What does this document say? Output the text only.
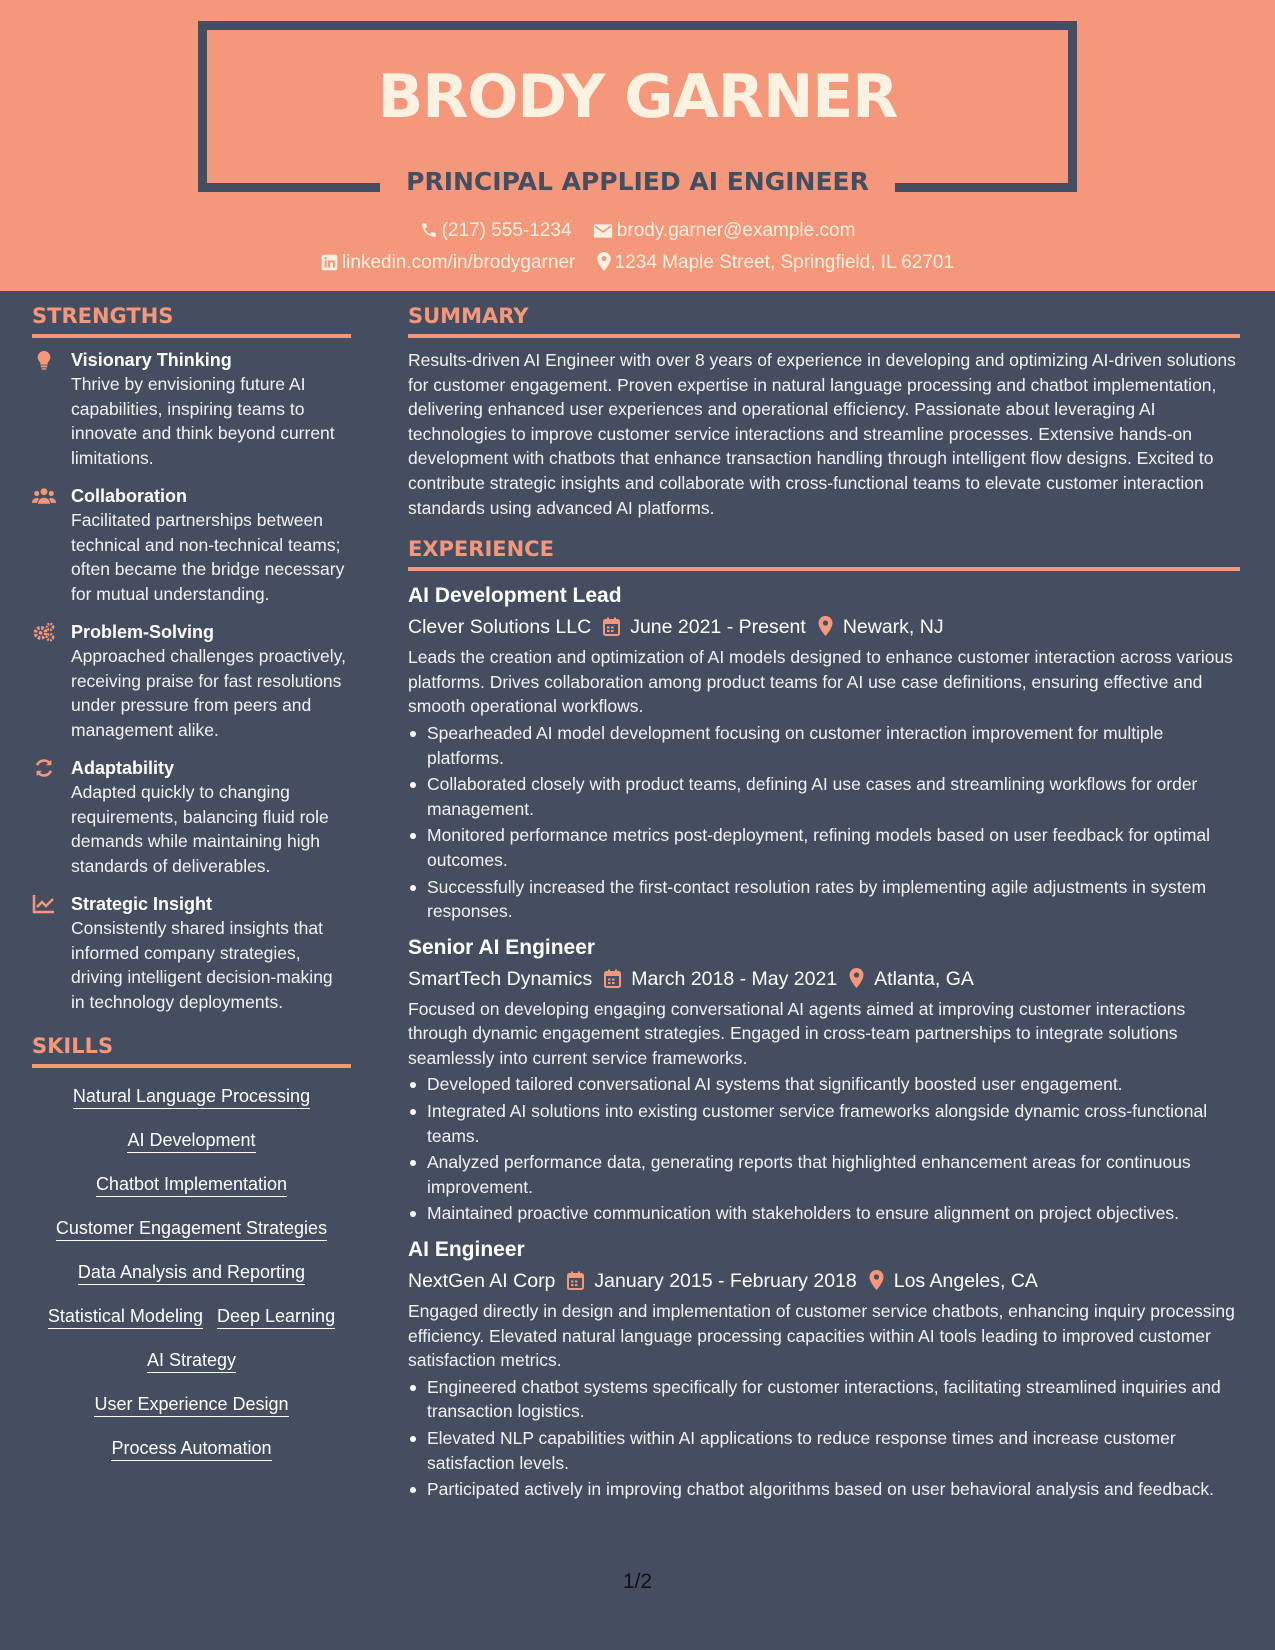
BRODY GARNER
PRINCIPAL APPLIED AI ENGINEER
(217) 555-1234 brody.garner@example.com
linkedin.com/in/brodygarner 1234 Maple Street, Springfield, IL 62701
STRENGTHS
Visionary Thinking
Thrive by envisioning future AI capabilities, inspiring teams to innovate and think beyond current limitations.
Collaboration
Facilitated partnerships between technical and non-technical teams; often became the bridge necessary for mutual understanding.
Problem-Solving
Approached challenges proactively, receiving praise for fast resolutions under pressure from peers and management alike.
Adaptability
Adapted quickly to changing requirements, balancing fluid role demands while maintaining high standards of deliverables.
Strategic Insight
Consistently shared insights that informed company strategies, driving intelligent decision-making in technology deployments.
SKILLS
Natural Language Processing
AI Development
Chatbot Implementation
Customer Engagement Strategies
Data Analysis and Reporting
Statistical Modeling Deep Learning
AI Strategy
User Experience Design
Process Automation
SUMMARY
Results-driven AI Engineer with over 8 years of experience in developing and optimizing AI-driven solutions for customer engagement. Proven expertise in natural language processing and chatbot implementation, delivering enhanced user experiences and operational efficiency. Passionate about leveraging AI technologies to improve customer service interactions and streamline processes. Extensive hands-on development with chatbots that enhance transaction handling through intelligent flow designs. Excited to contribute strategic insights and collaborate with cross-functional teams to elevate customer interaction standards using advanced AI platforms.
EXPERIENCE
AI Development Lead
Clever Solutions LLC June 2021 - Present Newark, NJ
Leads the creation and optimization of AI models designed to enhance customer interaction across various platforms. Drives collaboration among product teams for AI use case definitions, ensuring effective and smooth operational workflows.
Spearheaded AI model development focusing on customer interaction improvement for multiple platforms.
Collaborated closely with product teams, defining AI use cases and streamlining workflows for order management.
Monitored performance metrics post-deployment, refining models based on user feedback for optimal outcomes.
Successfully increased the first-contact resolution rates by implementing agile adjustments in system responses.
Senior AI Engineer
SmartTech Dynamics March 2018 - May 2021 Atlanta, GA
Focused on developing engaging conversational AI agents aimed at improving customer interactions through dynamic engagement strategies. Engaged in cross-team partnerships to integrate solutions seamlessly into current service frameworks.
Developed tailored conversational AI systems that significantly boosted user engagement.
Integrated AI solutions into existing customer service frameworks alongside dynamic cross-functional teams.
Analyzed performance data, generating reports that highlighted enhancement areas for continuous improvement.
Maintained proactive communication with stakeholders to ensure alignment on project objectives.
AI Engineer
NextGen AI Corp January 2015 - February 2018 Los Angeles, CA
Engaged directly in design and implementation of customer service chatbots, enhancing inquiry processing efficiency. Elevated natural language processing capacities within AI tools leading to improved customer satisfaction metrics.
Engineered chatbot systems specifically for customer interactions, facilitating streamlined inquiries and transaction logistics.
Elevated NLP capabilities within AI applications to reduce response times and increase customer satisfaction levels.
Participated actively in improving chatbot algorithms based on user behavioral analysis and feedback.
1/2
